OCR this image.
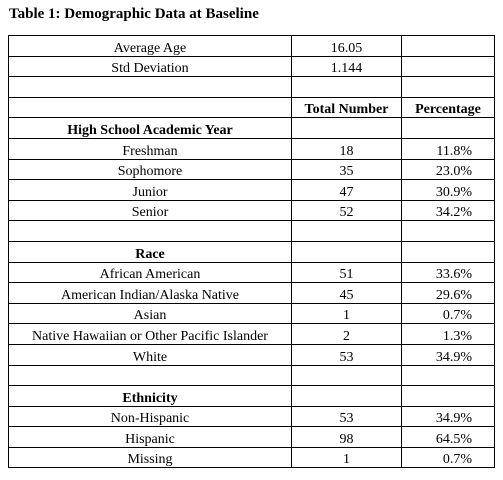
Table 1: Demographic Data at Baseline
Average Age	16.05	
Std Deviation	1.144	

	Total Number	Percentage
High School Academic Year		
Freshman	18	11.8%
Sophomore	35	23.0%
Junior	47	30.9%
Senior	52	34.2%

Race		
African American	51	33.6%
American Indian/Alaska Native	45	29.6%
Asian	1	0.7%
Native Hawaiian or Other Pacific Islander	2	1.3%
White	53	34.9%

Ethnicity		
Non-Hispanic	53	34.9%
Hispanic	98	64.5%
Missing	1	0.7%
